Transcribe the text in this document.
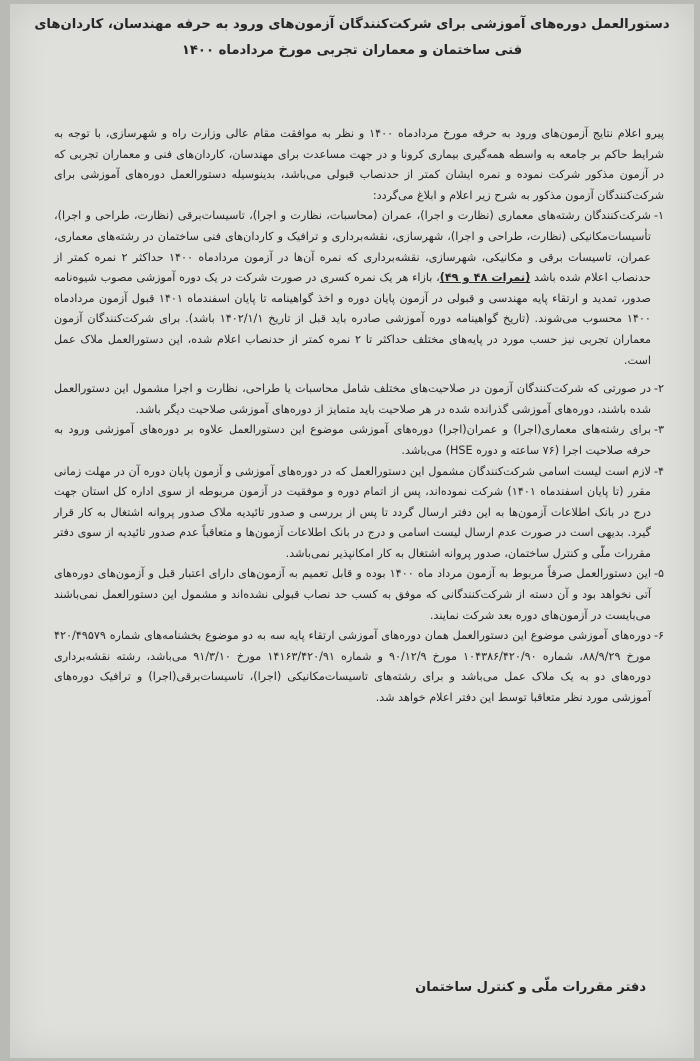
دستورالعمل دوره‌های آموزشی برای شرکت‌کنندگان آزمون‌های ورود به حرفه مهندسان، کاردان‌های فنی ساختمان و معماران تجربی مورخ مردادماه ۱۴۰۰

پیرو اعلام نتایج آزمون‌های ورود به حرفه مورخ مردادماه ۱۴۰۰ و نظر به موافقت مقام عالی وزارت راه و شهرسازی، با توجه به شرایط حاکم بر جامعه به واسطه همه‌گیری بیماری کرونا و در جهت مساعدت برای مهندسان، کاردان‌های فنی و معماران تجربی که در آزمون مذکور شرکت نموده و نمره ایشان کمتر از حدنصاب قبولی می‌باشد، بدینوسیله دستورالعمل دوره‌های آموزشی برای شرکت‌کنندگان آزمون مذکور به شرح زیر اعلام و ابلاغ می‌گردد:

۱-
شرکت‌کنندگان رشته‌های معماری (نظارت و اجرا)، عمران (محاسبات، نظارت و اجرا)، تاسیسات‌برقی (نظارت، طراحی و اجرا)، تأسیسات‌مکانیکی (نظارت، طراحی و اجرا)، شهرسازی، نقشه‌برداری و ترافیک و کاردان‌های فنی ساختمان در رشته‌های معماری، عمران، تاسیسات برقی و مکانیکی، شهرسازی، نقشه‌برداری که نمره آن‌ها در آزمون مردادماه ۱۴۰۰ حداکثر ۲ نمره کمتر از حدنصاب اعلام شده باشد (نمرات ۴۸ و ۴۹)، بازاء هر یک نمره کسری در صورت شرکت در یک دوره آموزشی مصوب شیوه‌نامه صدور، تمدید و ارتقاء پایه مهندسی و قبولی در آزمون پایان دوره و اخذ گواهینامه تا پایان اسفندماه ۱۴۰۱ قبول آزمون مردادماه ۱۴۰۰ محسوب می‌شوند. (تاریخ گواهینامه دوره آموزشی صادره باید قبل از تاریخ ۱۴۰۲/۱/۱ باشد). برای شرکت‌کنندگان آزمون معماران تجربی نیز حسب مورد در پایه‌های مختلف حداکثر تا ۲ نمره کمتر از حدنصاب اعلام شده، این دستورالعمل ملاک عمل است.
۲-
در صورتی که شرکت‌کنندگان آزمون در صلاحیت‌های مختلف شامل محاسبات یا طراحی، نظارت و اجرا مشمول این دستورالعمل شده باشند، دوره‌های آموزشی گذرانده شده در هر صلاحیت باید متمایز از دوره‌های آموزشی صلاحیت دیگر باشد.
۳-
برای رشته‌های معماری(اجرا) و عمران(اجرا) دوره‌های آموزشی موضوع این دستورالعمل علاوه بر دوره‌های آموزشی ورود به حرفه صلاحیت اجرا (۷۶ ساعته و دوره HSE) می‌باشد.
۴-
لازم است لیست اسامی شرکت‌کنندگان مشمول این دستورالعمل که در دوره‌های آموزشی و آزمون پایان دوره آن در مهلت زمانی مقرر (تا پایان اسفندماه ۱۴۰۱) شرکت نموده‌اند، پس از اتمام دوره و موفقیت در آزمون مربوطه از سوی اداره کل استان جهت درج در بانک اطلاعات آزمون‌ها به این دفتر ارسال گردد تا پس از بررسی و صدور تائیدیه ملاک صدور پروانه اشتغال به کار قرار گیرد. بدیهی است در صورت عدم ارسال لیست اسامی و درج در بانک اطلاعات آزمون‌ها و متعاقباً عدم صدور تائیدیه از سوی دفتر مقررات ملّی و کنترل ساختمان، صدور پروانه اشتغال به کار امکانپذیر نمی‌باشد.
۵-
این دستورالعمل صرفاً مربوط به آزمون مرداد ماه ۱۴۰۰ بوده و قابل تعمیم به آزمون‌های دارای اعتبار قبل و آزمون‌های دوره‌های آتی نخواهد بود و آن دسته از شرکت‌کنندگانی که موفق به کسب حد نصاب قبولی نشده‌اند و مشمول این دستورالعمل نمی‌باشند می‌بایست در آزمون‌های دوره بعد شرکت نمایند.
۶-
دوره‌های آموزشی موضوع این دستورالعمل همان دوره‌های آموزشی ارتقاء پایه سه به دو موضوع بخشنامه‌های شماره ۴۲۰/۴۹۵۷۹ مورخ ۸۸/۹/۲۹، شماره ۱۰۴۳۸۶/۴۲۰/۹۰ مورخ ۹۰/۱۲/۹ و شماره ۱۴۱۶۳/۴۲۰/۹۱ مورخ ۹۱/۳/۱۰ می‌باشد، رشته نقشه‌برداری دوره‌های دو به یک ملاک عمل می‌باشد و برای رشته‌های تاسیسات‌مکانیکی (اجرا)، تاسیسات‌برقی(اجرا) و ترافیک دوره‌های آموزشی مورد نظر متعاقبا توسط این دفتر اعلام خواهد شد.
دفتر مقررات ملّی و کنترل ساختمان
